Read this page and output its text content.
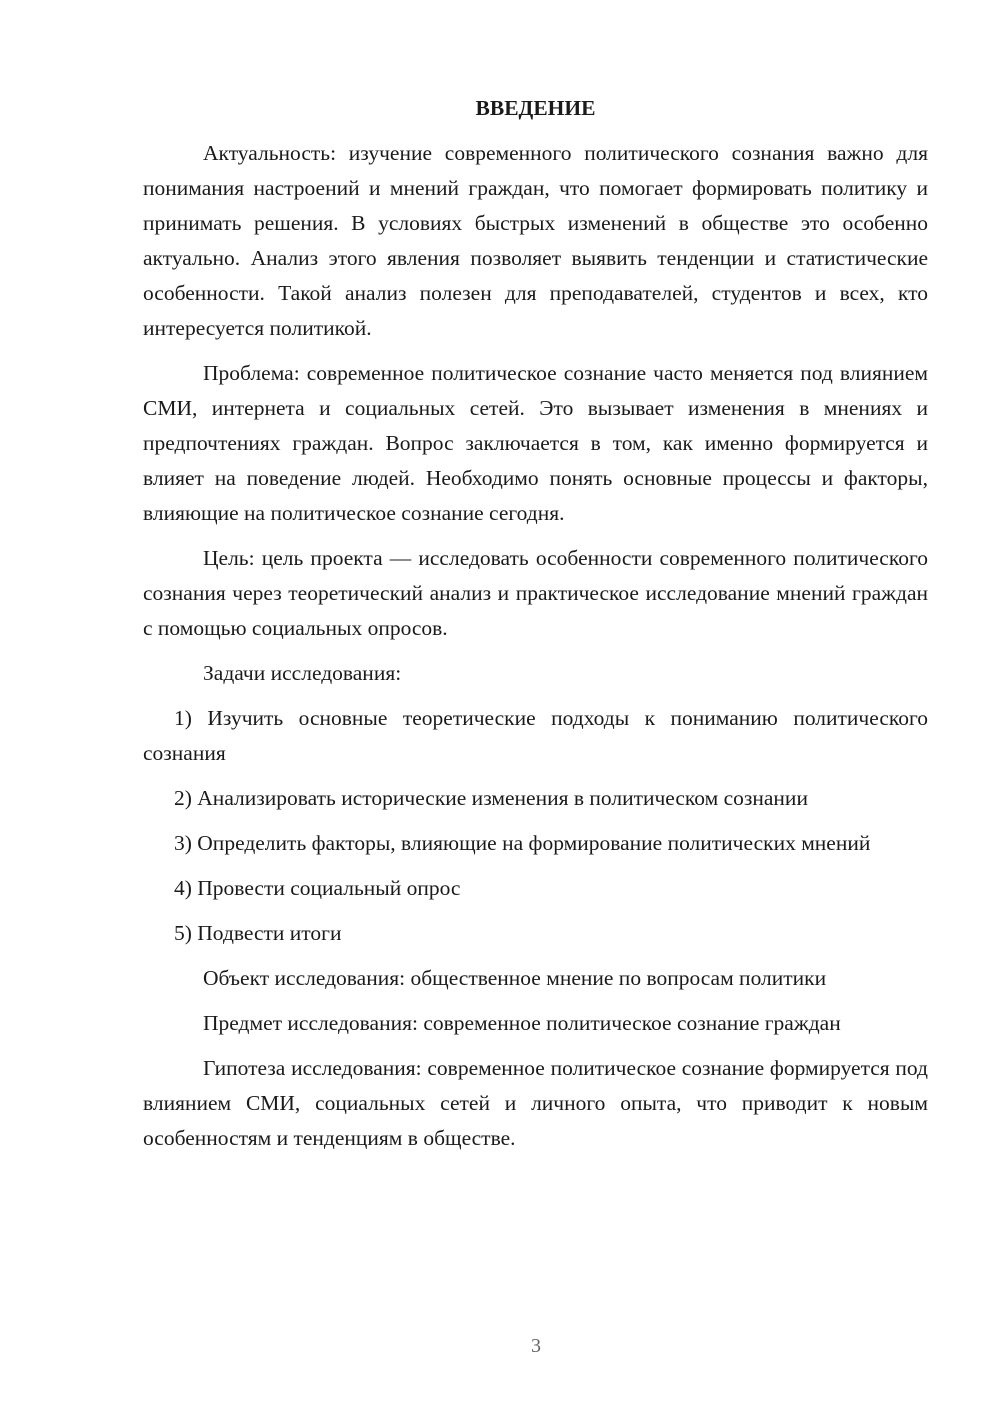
ВВЕДЕНИЕ

Актуальность: изучение современного политического сознания важно для понимания настроений и мнений граждан, что помогает формировать политику и принимать решения. В условиях быстрых изменений в обществе это особенно актуально. Анализ этого явления позволяет выявить тенденции и статистические особенности. Такой анализ полезен для преподавателей, студентов и всех, кто интересуется политикой.

Проблема: современное политическое сознание часто меняется под влиянием СМИ, интернета и социальных сетей. Это вызывает изменения в мнениях и предпочтениях граждан. Вопрос заключается в том, как именно формируется и влияет на поведение людей. Необходимо понять основные процессы и факторы, влияющие на политическое сознание сегодня.

Цель: цель проекта — исследовать особенности современного политического сознания через теоретический анализ и практическое исследование мнений граждан с помощью социальных опросов.

Задачи исследования:

1) Изучить основные теоретические подходы к пониманию политического сознания

2) Анализировать исторические изменения в политическом сознании

3) Определить факторы, влияющие на формирование политических мнений

4) Провести социальный опрос

5) Подвести итоги

Объект исследования: общественное мнение по вопросам политики

Предмет исследования: современное политическое сознание граждан

Гипотеза исследования: современное политическое сознание формируется под влиянием СМИ, социальных сетей и личного опыта, что приводит к новым особенностям и тенденциям в обществе.

3
